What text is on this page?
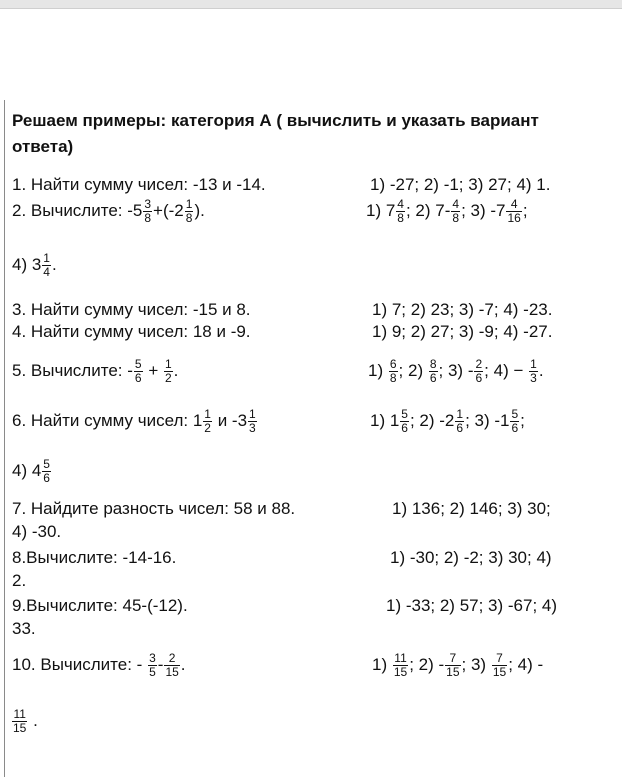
Решаем примеры: категория А ( вычислить и указать вариант
ответа)
1. Найти сумму чисел: -13 и -14.	1) -27; 2) -1; 3) 27; 4) 1.
2. Вычислите: $-5 \frac{3}{8} +(-2 \frac{1}{8}$ ).	1) $7 \frac{4}{8}$ ; 2) $7- \frac{4}{8}$ ; 3) $-7 \frac{4}{16}$ ;
4) $3 \frac{1}{4}$ .
3. Найти сумму чисел: -15 и 8.	1) 7; 2) 23; 3) -7; 4) -23.
4. Найти сумму чисел: 18 и -9.	1) 9; 2) 27; 3) -9; 4) -27.
5. Вычислите: - $\frac{5}{6} + \frac{1}{2}$ .	$1) \frac{6}{8}$ ; $2) \frac{8}{6}$ ; $3) - \frac{2}{6}$ ; $4) - \frac{1}{3}$ .
6. Найти сумму чисел: $1 \frac{1}{2}$ и $-3 \frac{1}{3}$	1) $1 \frac{5}{6}$ ; 2) $-2 \frac{1}{6}$ ; 3) $-1 \frac{5}{6}$ ;
4) $4 \frac{5}{6}$
7. Найдите разность чисел: 58 и 88.	1) 136; 2) 146; 3) 30;
4) -30.
8.Вычислите: -14-16.	1) -30; 2) -2; 3) 30; 4)
2.
9.Вычислите: 45-(-12).	1) -33; 2) 57; 3) -67; 4)
33.
10. Вычислите: - $\frac{3}{5} - \frac{2}{15}$ .	$1) \frac{11}{15}$ ; $2) - \frac{7}{15}$ ; $3) \frac{7}{15}$ ; 4) -
$\frac{11}{15}$ .
